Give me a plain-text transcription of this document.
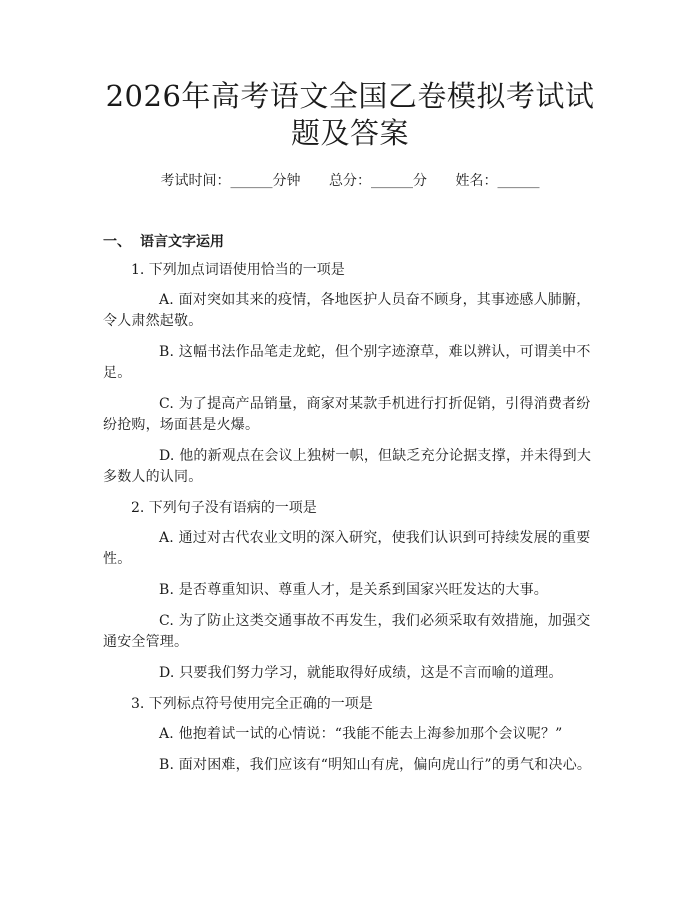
2026年高考语文全国乙卷模拟考试试题及答案
考试时间：______分钟 总分：______分 姓名：______
一、 语言文字运用

1. 下列加点词语使用恰当的一项是

A. 面对突如其来的疫情，各地医护人员奋不顾身，其事迹感人肺腑，令人肃然起敬。

B. 这幅书法作品笔走龙蛇，但个别字迹潦草，难以辨认，可谓美中不足。

C. 为了提高产品销量，商家对某款手机进行打折促销，引得消费者纷纷抢购，场面甚是火爆。

D. 他的新观点在会议上独树一帜，但缺乏充分论据支撑，并未得到大多数人的认同。

2. 下列句子没有语病的一项是

A. 通过对古代农业文明的深入研究，使我们认识到可持续发展的重要性。

B. 是否尊重知识、尊重人才，是关系到国家兴旺发达的大事。

C. 为了防止这类交通事故不再发生，我们必须采取有效措施，加强交通安全管理。

D. 只要我们努力学习，就能取得好成绩，这是不言而喻的道理。

3. 下列标点符号使用完全正确的一项是

A. 他抱着试一试的心情说：“我能不能去上海参加那个会议呢？”

B. 面对困难，我们应该有“明知山有虎，偏向虎山行”的勇气和决心。
